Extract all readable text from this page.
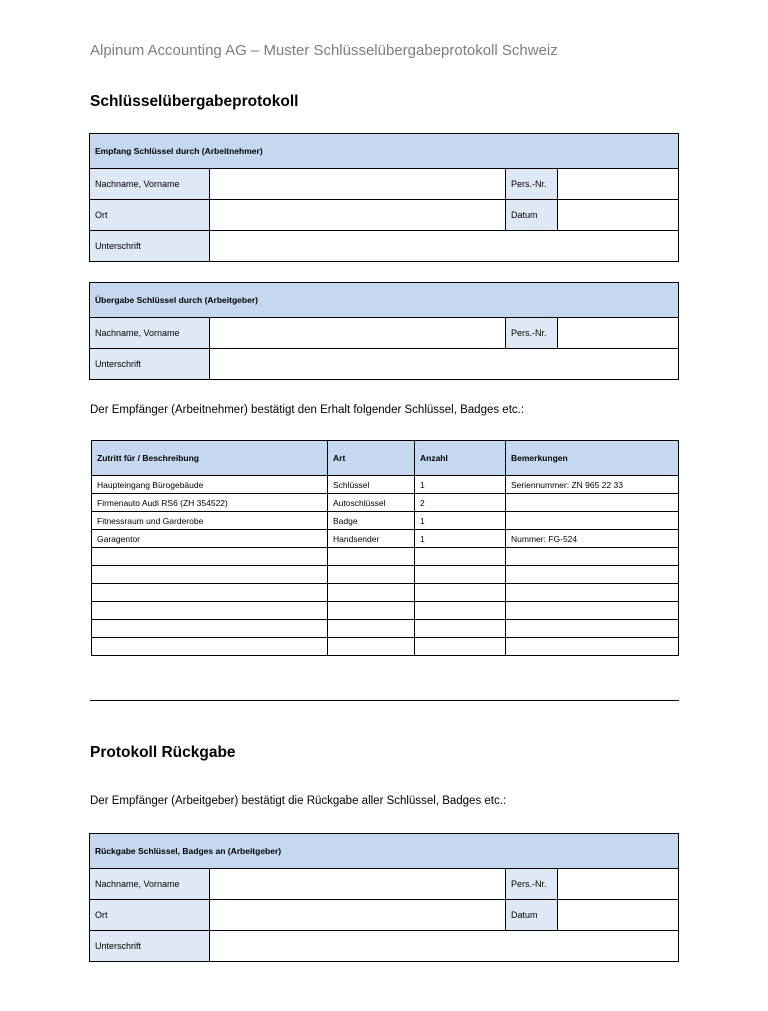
Alpinum Accounting AG – Muster Schlüsselübergabeprotokoll Schweiz
Schlüsselübergabeprotokoll
Empfang Schlüssel durch (Arbeitnehmer)			
Nachname, Vorname		Pers.-Nr.	
Ort		Datum	
Unterschrift			
Übergabe Schlüssel durch (Arbeitgeber)			
Nachname, Vorname		Pers.-Nr.	
Unterschrift			
Der Empfänger (Arbeitnehmer) bestätigt den Erhalt folgender Schlüssel, Badges etc.:
Zutritt für / Beschreibung	Art	Anzahl	Bemerkungen
Haupteingang Bürogebäude	Schlüssel	1	Seriennummer: ZN 965 22 33
Firmenauto Audi RS6 (ZH 354522)	Autoschlüssel	2	
Fitnessraum und Garderobe	Badge	1	
Garagentor	Handsender	1	Nummer: FG-524

Protokoll Rückgabe
Der Empfänger (Arbeitgeber) bestätigt die Rückgabe aller Schlüssel, Badges etc.:
Rückgabe Schlüssel, Badges an (Arbeitgeber)			
Nachname, Vorname		Pers.-Nr.	
Ort		Datum	
Unterschrift			
